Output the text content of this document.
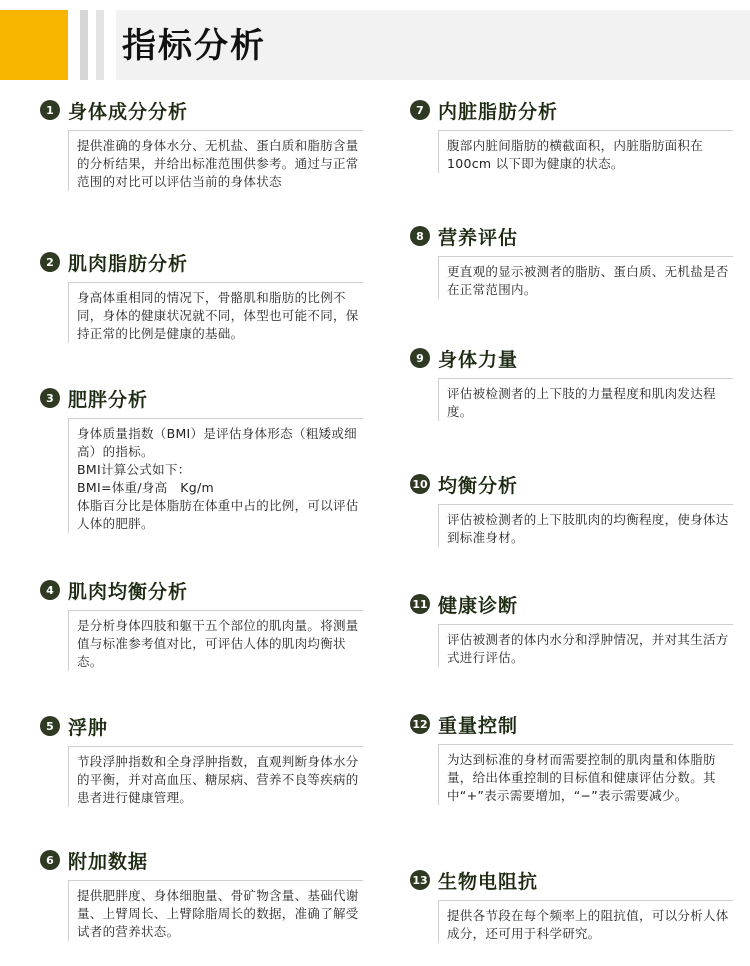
指标分析
1 身体成分分析
提供准确的身体水分、无机盐、蛋白质和脂肪含量的分析结果，并给出标准范围供参考。通过与正常范围的对比可以评估当前的身体状态
2 肌肉脂肪分析
身高体重相同的情况下，骨骼肌和脂肪的比例不同，身体的健康状况就不同，体型也可能不同，保持正常的比例是健康的基础。
3 肥胖分析
身体质量指数（BMI）是评估身体形态（粗矮或细高）的指标。
BMI计算公式如下：
BMI=体重/身高　Kg/m
体脂百分比是体脂肪在体重中占的比例，可以评估人体的肥胖。
4 肌肉均衡分析
是分析身体四肢和躯干五个部位的肌肉量。将测量值与标准参考值对比，可评估人体的肌肉均衡状态。
5 浮肿
节段浮肿指数和全身浮肿指数，直观判断身体水分的平衡，并对高血压、糖尿病、营养不良等疾病的患者进行健康管理。
6 附加数据
提供肥胖度、身体细胞量、骨矿物含量、基础代谢量、上臂周长、上臂除脂周长的数据，准确了解受试者的营养状态。
7 内脏脂肪分析
腹部内脏间脂肪的横截面积，内脏脂肪面积在100cm 以下即为健康的状态。
8 营养评估
更直观的显示被测者的脂肪、蛋白质、无机盐是否在正常范围内。
9 身体力量
评估被检测者的上下肢的力量程度和肌肉发达程度。
10 均衡分析
评估被检测者的上下肢肌肉的均衡程度，使身体达到标准身材。
11 健康诊断
评估被测者的体内水分和浮肿情况，并对其生活方式进行评估。
12 重量控制
为达到标准的身材而需要控制的肌肉量和体脂肪量，给出体重控制的目标值和健康评估分数。其中“+”表示需要增加，“−”表示需要减少。
13 生物电阻抗
提供各节段在每个频率上的阻抗值，可以分析人体成分，还可用于科学研究。
